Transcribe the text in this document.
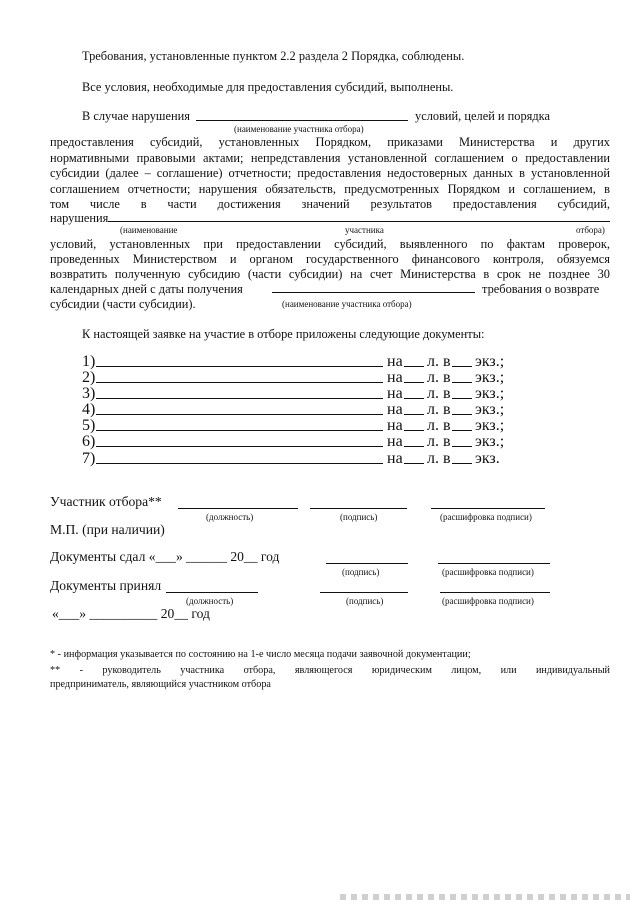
Требования, установленные пунктом 2.2 раздела 2 Порядка, соблюдены.
Все условия, необходимые для предоставления субсидий, выполнены.
В случае нарушения	условий, целей и порядка
(наименование участника отбора)
предоставления субсидий, установленных Порядком, приказами Министерства и других
нормативными правовыми актами; непредставления установленной соглашением о предоставлении
субсидии (далее – соглашение) отчетности; предоставления недостоверных данных в установленной
соглашением отчетности; нарушения обязательств, предусмотренных Порядком и соглашением, в
том числе в части достижения значений результатов предоставления субсидий,
нарушения
(наименование	участника	отбора)
условий, установленных при предоставлении субсидий, выявленного по фактам проверок,
проведенных Министерством и органом государственного финансового контроля, обязуемся
возвратить полученную субсидию (части субсидии) на счет Министерства в срок не позднее 30
календарных дней с даты получения	требования о возврате
субсидии (части субсидии).	(наименование участника отбора)
К настоящей заявке на участие в отборе приложены следующие документы:
1)	на л. в экз.;
2)	на л. в экз.;
3)	на л. в экз.;
4)	на л. в экз.;
5)	на л. в экз.;
6)	на л. в экз.;
7)	на л. в экз.
Участник отбора**
(должность)	(подпись)	(расшифровка подписи)
М.П. (при наличии)
Документы сдал «___» ______ 20__ год
(подпись)	(расшифровка подписи)
Документы принял
(должность)	(подпись)	(расшифровка подписи)
«___» __________ 20__ год
* - информация указывается по состоянию на 1-е число месяца подачи заявочной документации;
** - руководитель участника отбора, являющегося юридическим лицом, или индивидуальный
предприниматель, являющийся участником отбора
